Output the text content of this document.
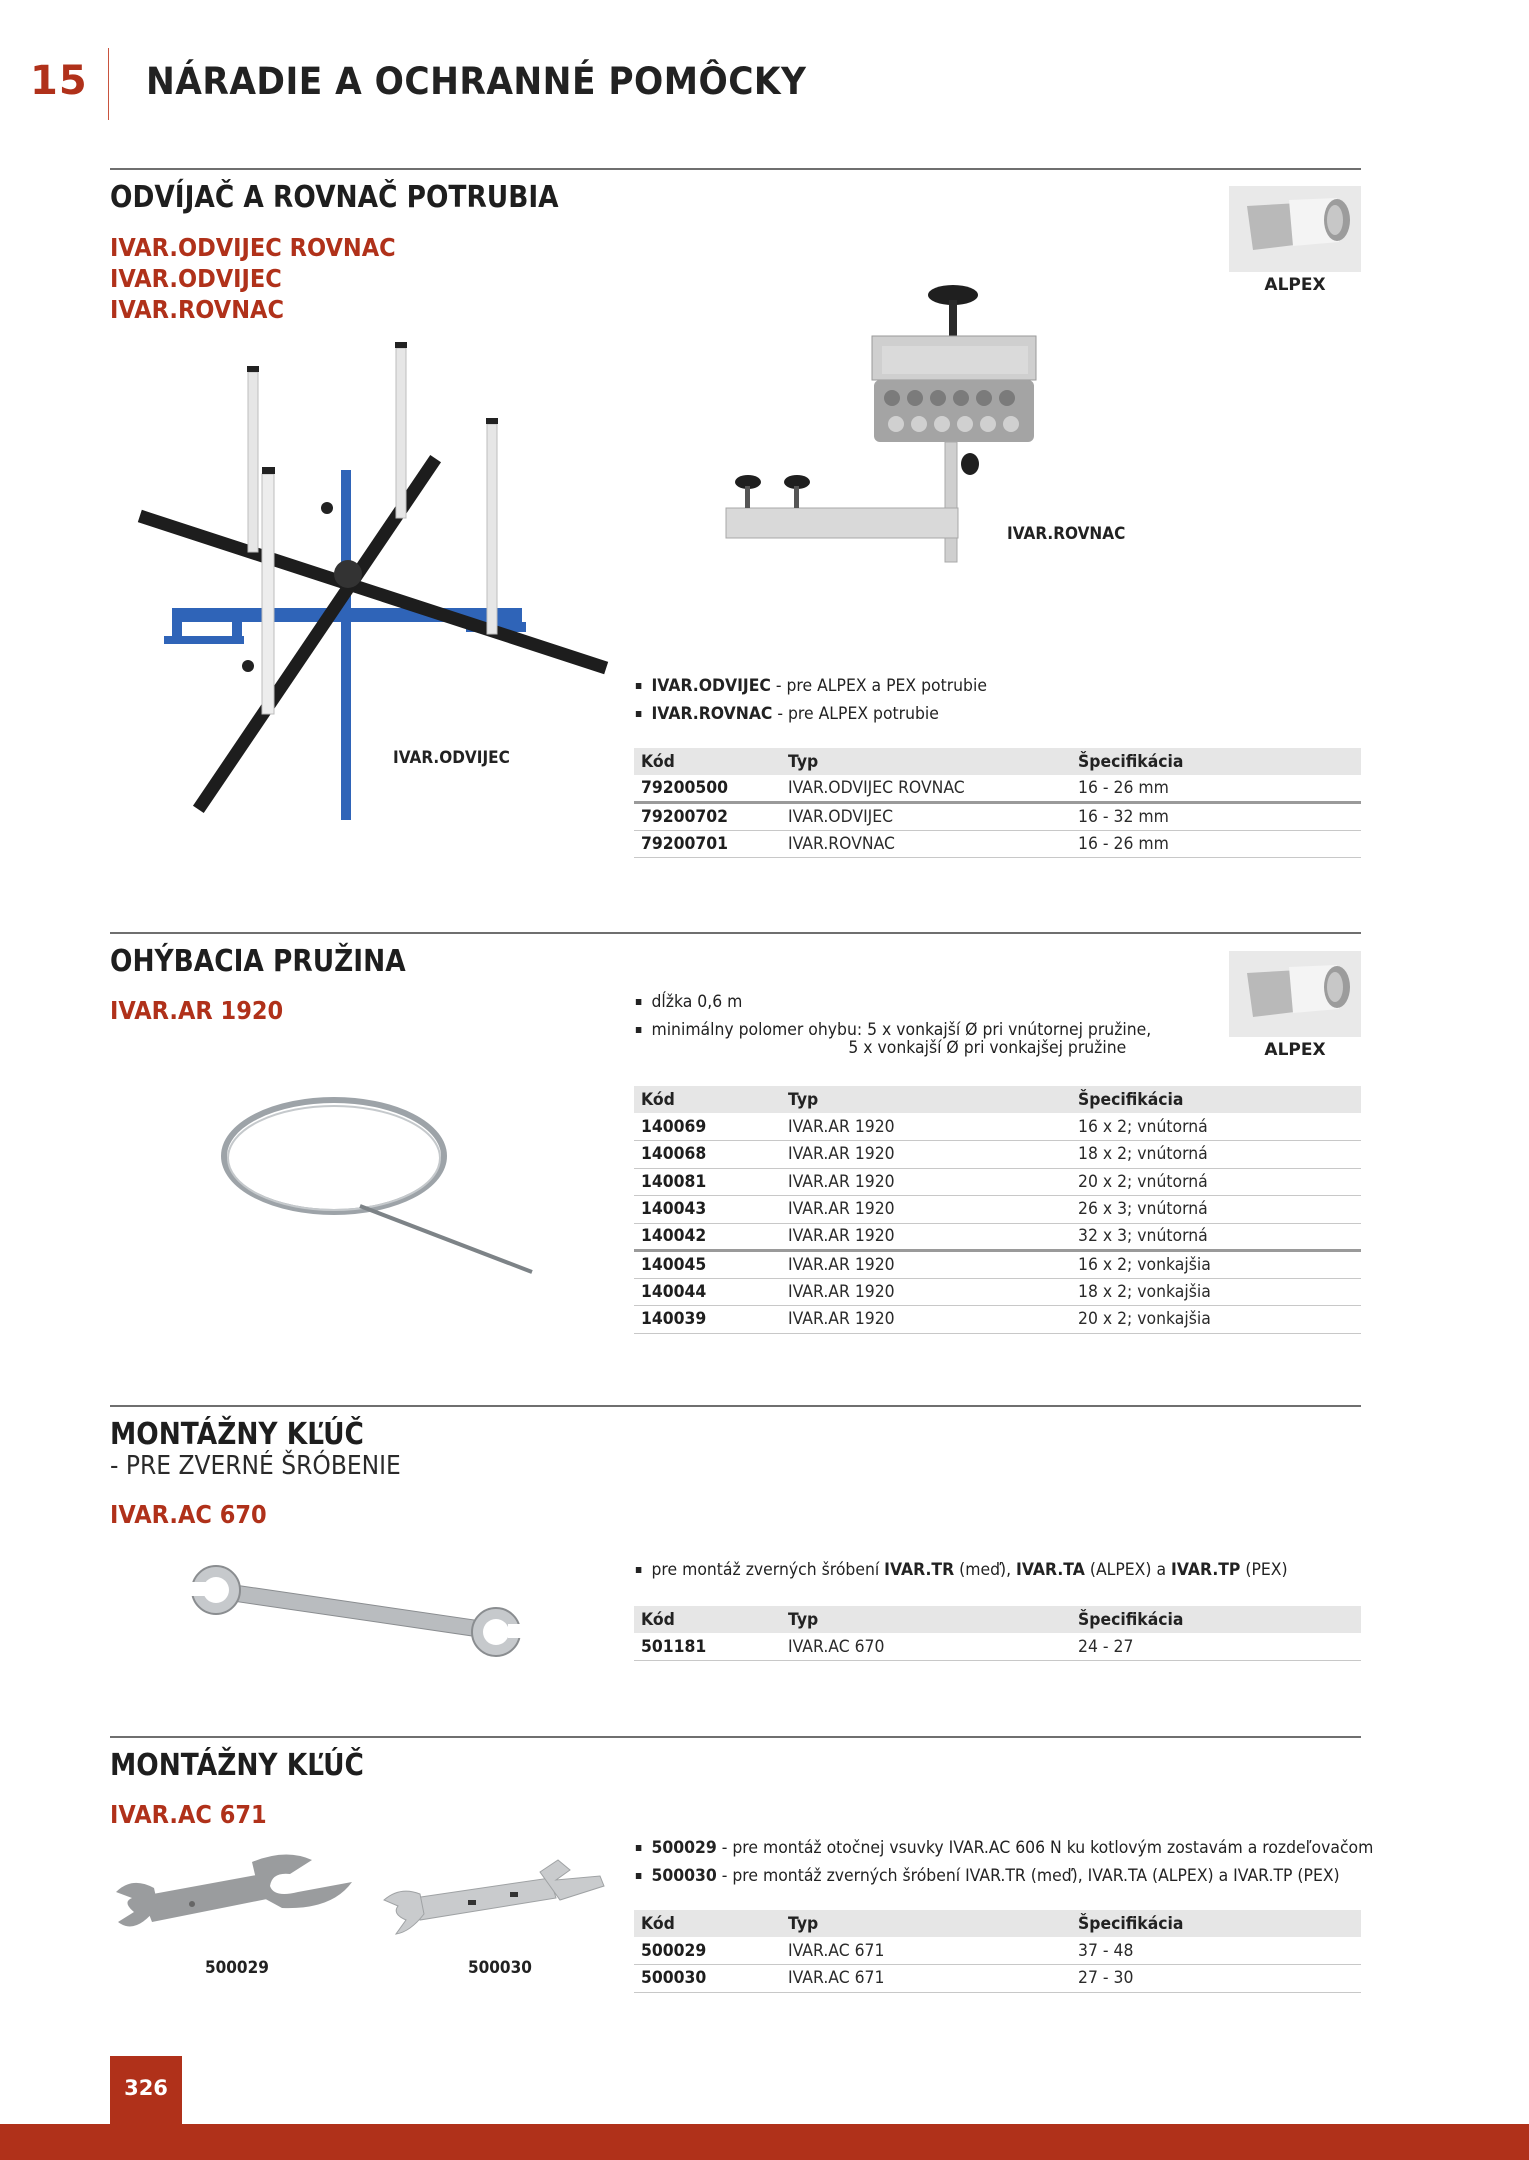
15 NÁRADIE A OCHRANNÉ POMÔCKY
ODVÍJAČ A ROVNAČ POTRUBIA
IVAR.ODVIJEC ROVNAC
IVAR.ODVIJEC
IVAR.ROVNAC
ALPEX
IVAR.ODVIJEC
IVAR.ROVNAC
IVAR.ODVIJEC - pre ALPEX a PEX potrubie
IVAR.ROVNAC - pre ALPEX potrubie
Kód	Typ	Špecifikácia
79200500	IVAR.ODVIJEC ROVNAC	16 - 26 mm
79200702	IVAR.ODVIJEC	16 - 32 mm
79200701	IVAR.ROVNAC	16 - 26 mm
OHÝBACIA PRUŽINA
IVAR.AR 1920
ALPEX
dĺžka 0,6 m
minimálny polomer ohybu: 5 x vonkajší Ø pri vnútornej pružine,
5 x vonkajší Ø pri vonkajšej pružine
Kód	Typ	Špecifikácia
140069	IVAR.AR 1920	16 x 2; vnútorná
140068	IVAR.AR 1920	18 x 2; vnútorná
140081	IVAR.AR 1920	20 x 2; vnútorná
140043	IVAR.AR 1920	26 x 3; vnútorná
140042	IVAR.AR 1920	32 x 3; vnútorná
140045	IVAR.AR 1920	16 x 2; vonkajšia
140044	IVAR.AR 1920	18 x 2; vonkajšia
140039	IVAR.AR 1920	20 x 2; vonkajšia
MONTÁŽNY KĽÚČ
- PRE ZVERNÉ ŠRÓBENIE
IVAR.AC 670
pre montáž zverných šróbení IVAR.TR (meď), IVAR.TA (ALPEX) a IVAR.TP (PEX)
Kód	Typ	Špecifikácia
501181	IVAR.AC 670	24 - 27
MONTÁŽNY KĽÚČ
IVAR.AC 671
500029	500030
500029 - pre montáž otočnej vsuvky IVAR.AC 606 N ku kotlovým zostavám a rozdeľovačom
500030 - pre montáž zverných šróbení IVAR.TR (meď), IVAR.TA (ALPEX) a IVAR.TP (PEX)
Kód	Typ	Špecifikácia
500029	IVAR.AC 671	37 - 48
500030	IVAR.AC 671	27 - 30
326
